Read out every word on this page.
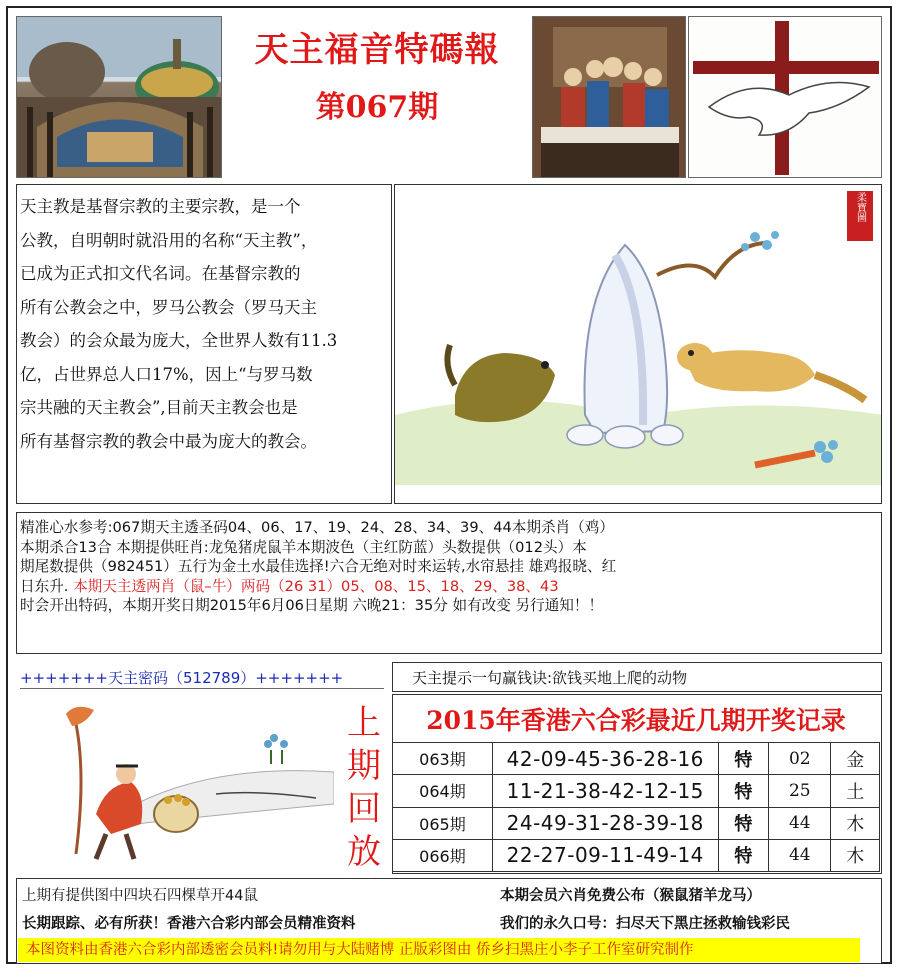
天主福音特碼報
第067期
天主教是基督宗教的主要宗教，是一个
公教，自明朝时就沿用的名称“天主教”，
已成为正式扣文代名词。在基督宗教的
所有公教会之中，罗马公教会（罗马天主
教会）的会众最为庞大，全世界人数有11.3
亿，占世界总人口17%，因上“与罗马数
宗共融的天主教会”,目前天主教会也是
所有基督宗教的教会中最为庞大的教会。
柔寶圖
精准心水参考:067期天主透圣码04、06、17、19、24、28、34、39、44本期杀肖（鸡）
本期杀合13合 本期提供旺肖:龙兔猪虎鼠羊本期波色（主红防蓝）头数提供（012头）本
期尾数提供（982451）五行为金土水最佳选择!六合无绝对时来运转,水帘悬挂 雄鸡报晓、红
日东升. 本期天主透两肖（鼠–牛）两码（26 31）05、08、15、18、29、38、43
时会开出特码，本期开奖日期2015年6月06日星期 六晚21：35分 如有改变 另行通知！！
+++++++天主密码（512789）+++++++	天主提示一句赢钱诀:欲钱买地上爬的动物
上
期
回
放
2015年香港六合彩最近几期开奖记录
063期	42-09-45-36-28-16	特	02	金
064期	11-21-38-42-12-15	特	25	土
065期	24-49-31-28-39-18	特	44	木
066期	22-27-09-11-49-14	特	44	木
上期有提供图中四块石四棵草开44鼠	本期会员六肖免费公布（猴鼠猪羊龙马）
长期跟踪、必有所获！香港六合彩内部会员精准资料	我们的永久口号：扫尽天下黑庄拯救输钱彩民
本图资料由香港六合彩内部透密会员料!请勿用与大陆赌博 正版彩图由 侨乡扫黑庄小李子工作室研究制作
